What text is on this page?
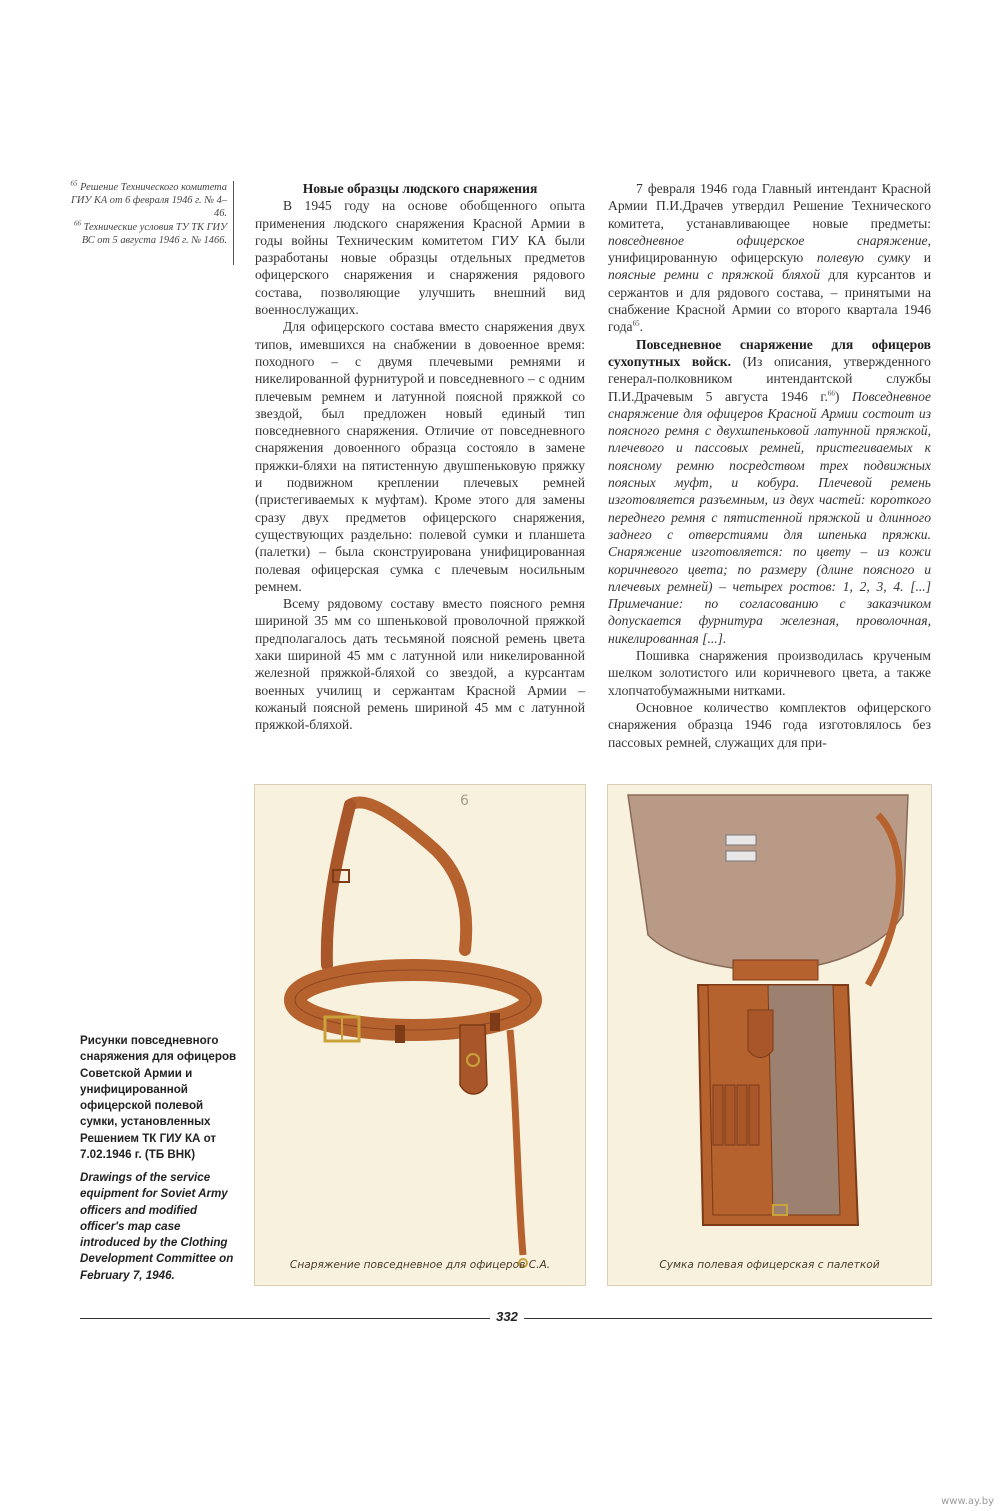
$^{65}$ Решение Технического комитета ГИУ КА от 6 февраля 1946 г. № 4–46.

$^{66}$ Технические условия ТУ ТК ГИУ ВС от 5 августа 1946 г. № 1466.

Новые образцы людского снаряжения

В 1945 году на основе обобщенного опыта применения людского снаряжения Красной Армии в годы войны Техническим комитетом ГИУ КА были разработаны новые образцы отдельных предметов офицерского снаряжения и снаряжения рядового состава, позволяющие улучшить внешний вид военнослужащих.

Для офицерского состава вместо снаряжения двух типов, имевшихся на снабжении в довоенное время: походного – с двумя плечевыми ремнями и никелированной фурнитурой и повседневного – с одним плечевым ремнем и латунной поясной пряжкой со звездой, был предложен новый единый тип повседневного снаряжения. Отличие от повседневного снаряжения довоенного образца состояло в замене пряжки-бляхи на пятистенную двушпеньковую пряжку и подвижном креплении плечевых ремней (пристегиваемых к муфтам). Кроме этого для замены сразу двух предметов офицерского снаряжения, существующих раздельно: полевой сумки и планшета (палетки) – была сконструирована унифицированная полевая офицерская сумка с плечевым носильным ремнем.

Всему рядовому составу вместо поясного ремня шириной 35 мм со шпеньковой проволочной пряжкой предполагалось дать тесьмяной поясной ремень цвета хаки шириной 45 мм с латунной или никелированной железной пряжкой-бляхой со звездой, а курсантам военных училищ и сержантам Красной Армии – кожаный поясной ремень шириной 45 мм с латунной пряжкой-бляхой.

7 февраля 1946 года Главный интендант Красной Армии П.И.Драчев утвердил Решение Технического комитета, устанавливающее новые предметы: повседневное офицерское снаряжение, унифицированную офицерскую полевую сумку и поясные ремни с пряжкой бляхой для курсантов и сержантов и для рядового состава, – принятыми на снабжение Красной Армии со второго квартала 1946 года$^{65}$.

Повседневное снаряжение для офицеров сухопутных войск. (Из описания, утвержденного генерал-полковником интендантской службы П.И.Драчевым 5 августа 1946 г.$^{66}$) Повседневное снаряжение для офицеров Красной Армии состоит из поясного ремня с двухшпеньковой латунной пряжкой, плечевого и пассовых ремней, пристегиваемых к поясному ремню посредством трех подвижных поясных муфт, и кобура. Плечевой ремень изготовляется разъемным, из двух частей: короткого переднего ремня с пятистенной пряжкой и длинного заднего с отверстиями для шпенька пряжки. Снаряжение изготовляется: по цвету – из кожи коричневого цвета; по размеру (длине поясного и плечевых ремней) – четырех ростов: 1, 2, 3, 4. [...] Примечание: по согласованию с заказчиком допускается фурнитура железная, проволочная, никелированная [...].

Пошивка снаряжения производилась крученым шелком золотистого или коричневого цвета, а также хлопчатобумажными нитками.

Основное количество комплектов офицерского снаряжения образца 1946 года изготовлялось без пассовых ремней, служащих для при-

6
Снаряжение повседневное для офицеров С.А.	Сумка полевая офицерская с палеткой
Рисунки повседневного снаряжения для офицеров Советской Армии и унифицированной офицерской полевой сумки, установленных Решением ТК ГИУ КА от 7.02.1946 г. (ТБ ВНК)
Drawings of the service equipment for Soviet Army officers and modified officer's map case introduced by the Clothing Development Committee on February 7, 1946.
332
www.ay.by
